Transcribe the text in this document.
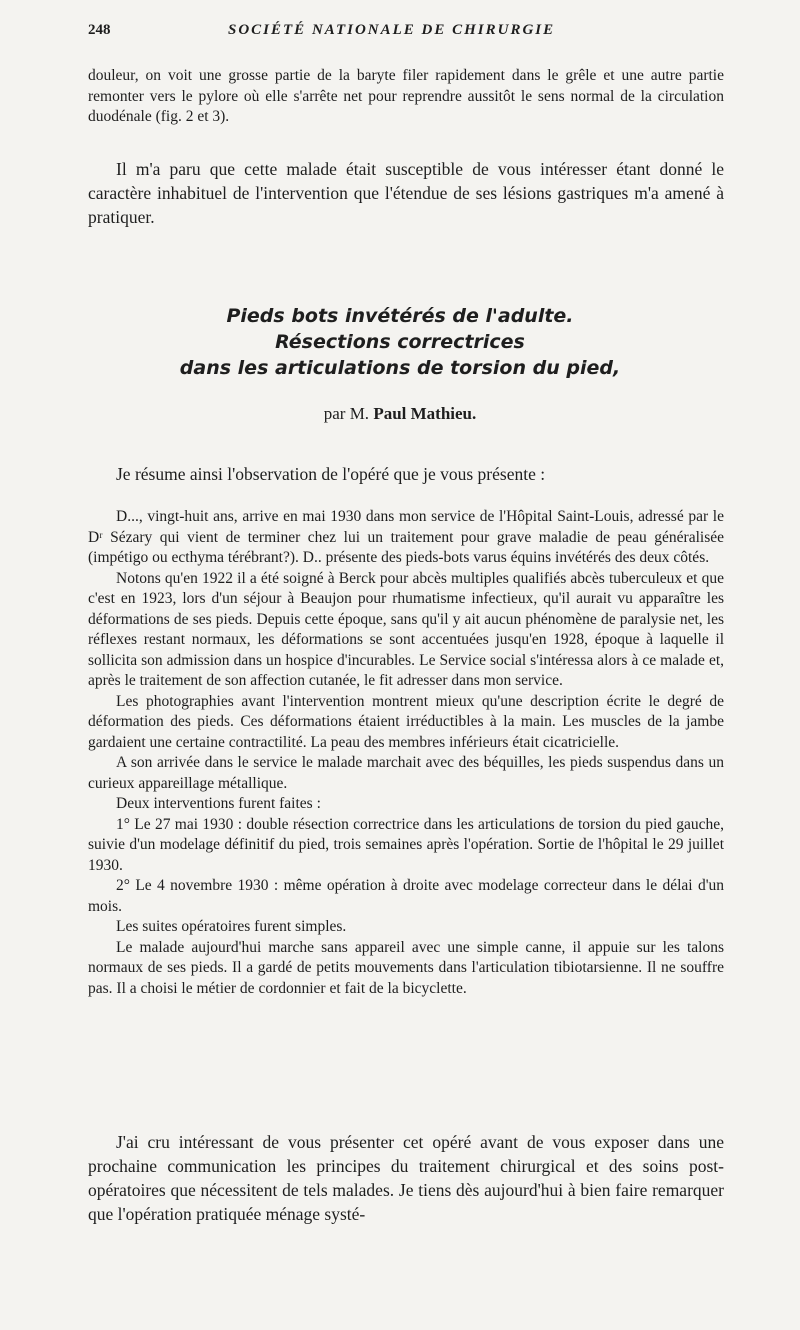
248	SOCIÉTÉ NATIONALE DE CHIRURGIE

douleur, on voit une grosse partie de la baryte filer rapidement dans le grêle et une autre partie remonter vers le pylore où elle s'arrête net pour reprendre aussitôt le sens normal de la circulation duodénale (fig. 2 et 3).

Il m'a paru que cette malade était susceptible de vous intéresser étant donné le caractère inhabituel de l'intervention que l'étendue de ses lésions gastriques m'a amené à pratiquer.

Pieds bots invétérés de l'adulte.
Résections correctrices
dans les articulations de torsion du pied,
par M. Paul Mathieu.

Je résume ainsi l'observation de l'opéré que je vous présente :

D..., vingt-huit ans, arrive en mai 1930 dans mon service de l'Hôpital Saint-Louis, adressé par le Dʳ Sézary qui vient de terminer chez lui un traitement pour grave maladie de peau généralisée (impétigo ou ecthyma térébrant?). D.. présente des pieds-bots varus équins invétérés des deux côtés.

Notons qu'en 1922 il a été soigné à Berck pour abcès multiples qualifiés abcès tuberculeux et que c'est en 1923, lors d'un séjour à Beaujon pour rhumatisme infectieux, qu'il aurait vu apparaître les déformations de ses pieds. Depuis cette époque, sans qu'il y ait aucun phénomène de paralysie net, les réflexes restant normaux, les déformations se sont accentuées jusqu'en 1928, époque à laquelle il sollicita son admission dans un hospice d'incurables. Le Service social s'intéressa alors à ce malade et, après le traitement de son affection cutanée, le fit adresser dans mon service.

Les photographies avant l'intervention montrent mieux qu'une description écrite le degré de déformation des pieds. Ces déformations étaient irréductibles à la main. Les muscles de la jambe gardaient une certaine contractilité. La peau des membres inférieurs était cicatricielle.

A son arrivée dans le service le malade marchait avec des béquilles, les pieds suspendus dans un curieux appareillage métallique.

Deux interventions furent faites :

1° Le 27 mai 1930 : double résection correctrice dans les articulations de torsion du pied gauche, suivie d'un modelage définitif du pied, trois semaines après l'opération. Sortie de l'hôpital le 29 juillet 1930.

2° Le 4 novembre 1930 : même opération à droite avec modelage correcteur dans le délai d'un mois.

Les suites opératoires furent simples.

Le malade aujourd'hui marche sans appareil avec une simple canne, il appuie sur les talons normaux de ses pieds. Il a gardé de petits mouvements dans l'articulation tibiotarsienne. Il ne souffre pas. Il a choisi le métier de cordonnier et fait de la bicyclette.

J'ai cru intéressant de vous présenter cet opéré avant de vous exposer dans une prochaine communication les principes du traitement chirurgical et des soins post-opératoires que nécessitent de tels malades. Je tiens dès aujourd'hui à bien faire remarquer que l'opération pratiquée ménage systé-
